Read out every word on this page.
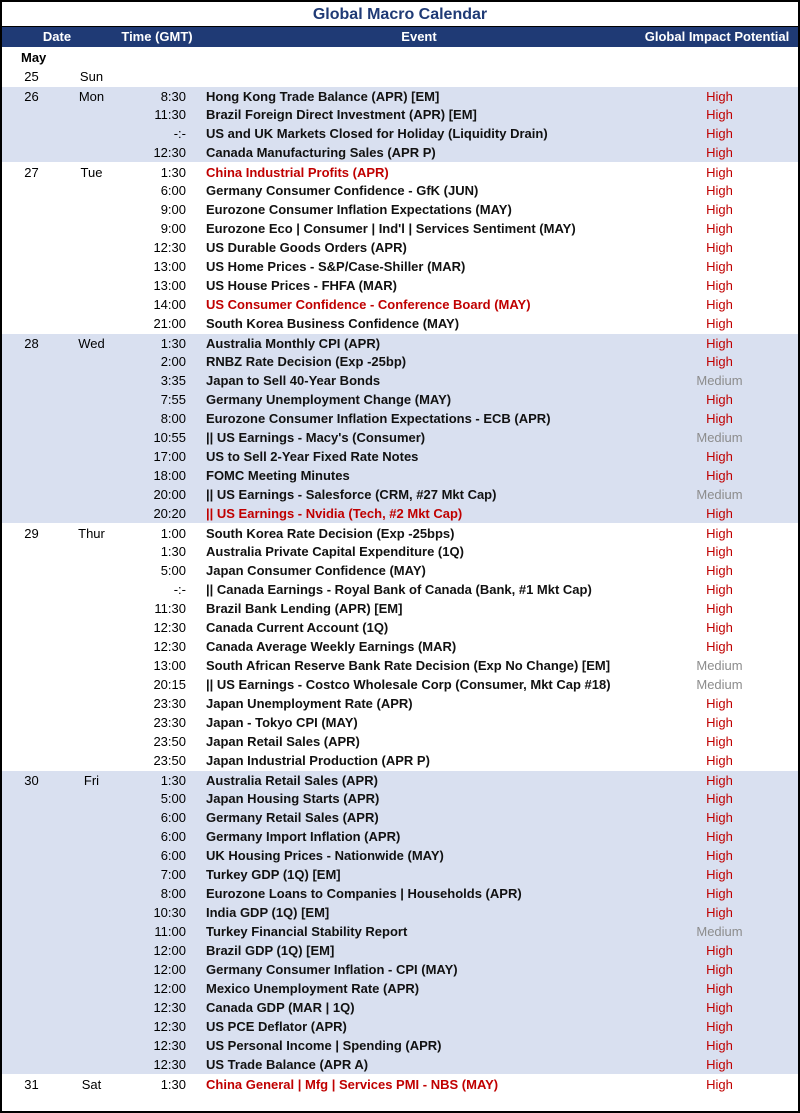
Global Macro Calendar
Date	Time (GMT)	Event	Global Impact Potential
May
25	Sun
26	Mon	8:30	Hong Kong Trade Balance (APR) [EM]	High
11:30	Brazil Foreign Direct Investment (APR) [EM]	High
-:-	US and UK Markets Closed for Holiday (Liquidity Drain)	High
12:30	Canada Manufacturing Sales (APR P)	High
27	Tue	1:30	China Industrial Profits (APR)	High
6:00	Germany Consumer Confidence - GfK (JUN)	High
9:00	Eurozone Consumer Inflation Expectations (MAY)	High
9:00	Eurozone Eco | Consumer | Ind'l | Services Sentiment (MAY)	High
12:30	US Durable Goods Orders (APR)	High
13:00	US Home Prices - S&P/Case-Shiller (MAR)	High
13:00	US House Prices - FHFA (MAR)	High
14:00	US Consumer Confidence - Conference Board (MAY)	High
21:00	South Korea Business Confidence (MAY)	High
28	Wed	1:30	Australia Monthly CPI (APR)	High
2:00	RNBZ Rate Decision (Exp -25bp)	High
3:35	Japan to Sell 40-Year Bonds	Medium
7:55	Germany Unemployment Change (MAY)	High
8:00	Eurozone Consumer Inflation Expectations - ECB (APR)	High
10:55	|| US Earnings - Macy's (Consumer)	Medium
17:00	US to Sell 2-Year Fixed Rate Notes	High
18:00	FOMC Meeting Minutes	High
20:00	|| US Earnings - Salesforce (CRM, #27 Mkt Cap)	Medium
20:20	|| US Earnings - Nvidia (Tech, #2 Mkt Cap)	High
29	Thur	1:00	South Korea Rate Decision (Exp -25bps)	High
1:30	Australia Private Capital Expenditure (1Q)	High
5:00	Japan Consumer Confidence (MAY)	High
-:-	|| Canada Earnings - Royal Bank of Canada (Bank, #1 Mkt Cap)	High
11:30	Brazil Bank Lending (APR) [EM]	High
12:30	Canada Current Account (1Q)	High
12:30	Canada Average Weekly Earnings (MAR)	High
13:00	South African Reserve Bank Rate Decision (Exp No Change) [EM]	Medium
20:15	|| US Earnings - Costco Wholesale Corp (Consumer, Mkt Cap #18)	Medium
23:30	Japan Unemployment Rate (APR)	High
23:30	Japan - Tokyo CPI (MAY)	High
23:50	Japan Retail Sales (APR)	High
23:50	Japan Industrial Production (APR P)	High
30	Fri	1:30	Australia Retail Sales (APR)	High
5:00	Japan Housing Starts (APR)	High
6:00	Germany Retail Sales (APR)	High
6:00	Germany Import Inflation (APR)	High
6:00	UK Housing Prices - Nationwide (MAY)	High
7:00	Turkey GDP (1Q) [EM]	High
8:00	Eurozone Loans to Companies | Households (APR)	High
10:30	India GDP (1Q) [EM]	High
11:00	Turkey Financial Stability Report	Medium
12:00	Brazil GDP (1Q) [EM]	High
12:00	Germany Consumer Inflation - CPI (MAY)	High
12:00	Mexico Unemployment Rate (APR)	High
12:30	Canada GDP (MAR | 1Q)	High
12:30	US PCE Deflator (APR)	High
12:30	US Personal Income | Spending (APR)	High
12:30	US Trade Balance (APR A)	High
31	Sat	1:30	China General | Mfg | Services PMI - NBS (MAY)	High
